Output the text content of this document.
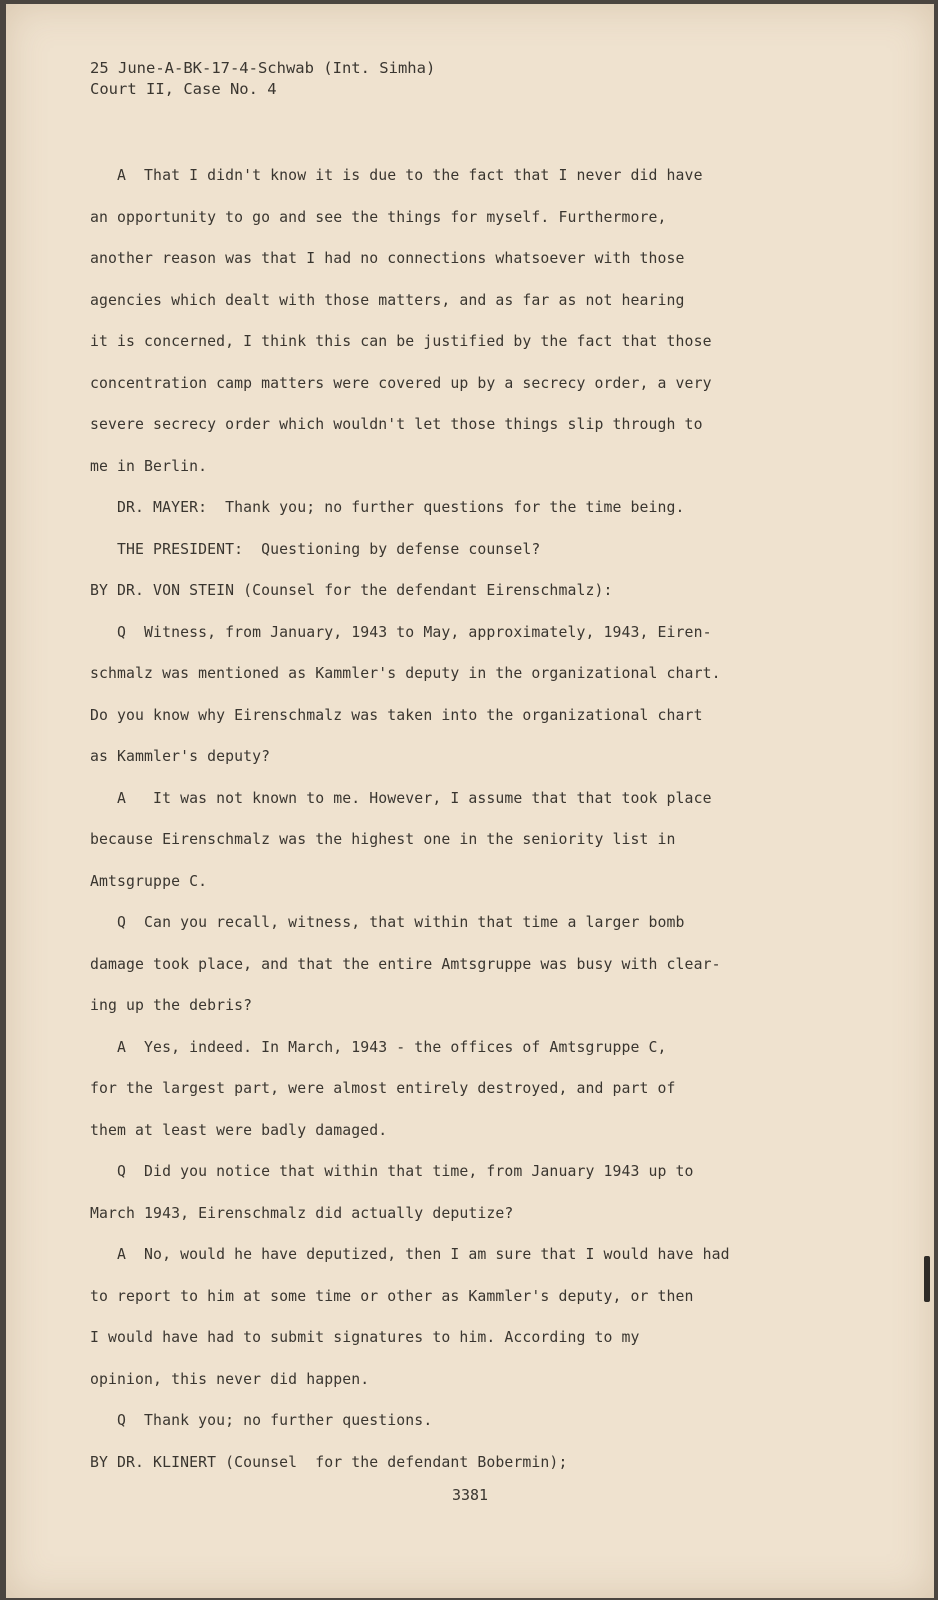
25 June-A-BK-17-4-Schwab (Int. Simha)
Court II, Case No. 4
A  That I didn't know it is due to the fact that I never did have
an opportunity to go and see the things for myself. Furthermore,
another reason was that I had no connections whatsoever with those
agencies which dealt with those matters, and as far as not hearing
it is concerned, I think this can be justified by the fact that those
concentration camp matters were covered up by a secrecy order, a very
severe secrecy order which wouldn't let those things slip through to
me in Berlin.
DR. MAYER:  Thank you; no further questions for the time being.
THE PRESIDENT:  Questioning by defense counsel?
BY DR. VON STEIN (Counsel for the defendant Eirenschmalz):
Q  Witness, from January, 1943 to May, approximately, 1943, Eiren-
schmalz was mentioned as Kammler's deputy in the organizational chart.
Do you know why Eirenschmalz was taken into the organizational chart
as Kammler's deputy?
A   It was not known to me. However, I assume that that took place
because Eirenschmalz was the highest one in the seniority list in
Amtsgruppe C.
Q  Can you recall, witness, that within that time a larger bomb
damage took place, and that the entire Amtsgruppe was busy with clear-
ing up the debris?
A  Yes, indeed. In March, 1943 - the offices of Amtsgruppe C,
for the largest part, were almost entirely destroyed, and part of
them at least were badly damaged.
Q  Did you notice that within that time, from January 1943 up to
March 1943, Eirenschmalz did actually deputize?
A  No, would he have deputized, then I am sure that I would have had
to report to him at some time or other as Kammler's deputy, or then
I would have had to submit signatures to him. According to my
opinion, this never did happen.
Q  Thank you; no further questions.
BY DR. KLINERT (Counsel  for the defendant Bobermin);
3381
